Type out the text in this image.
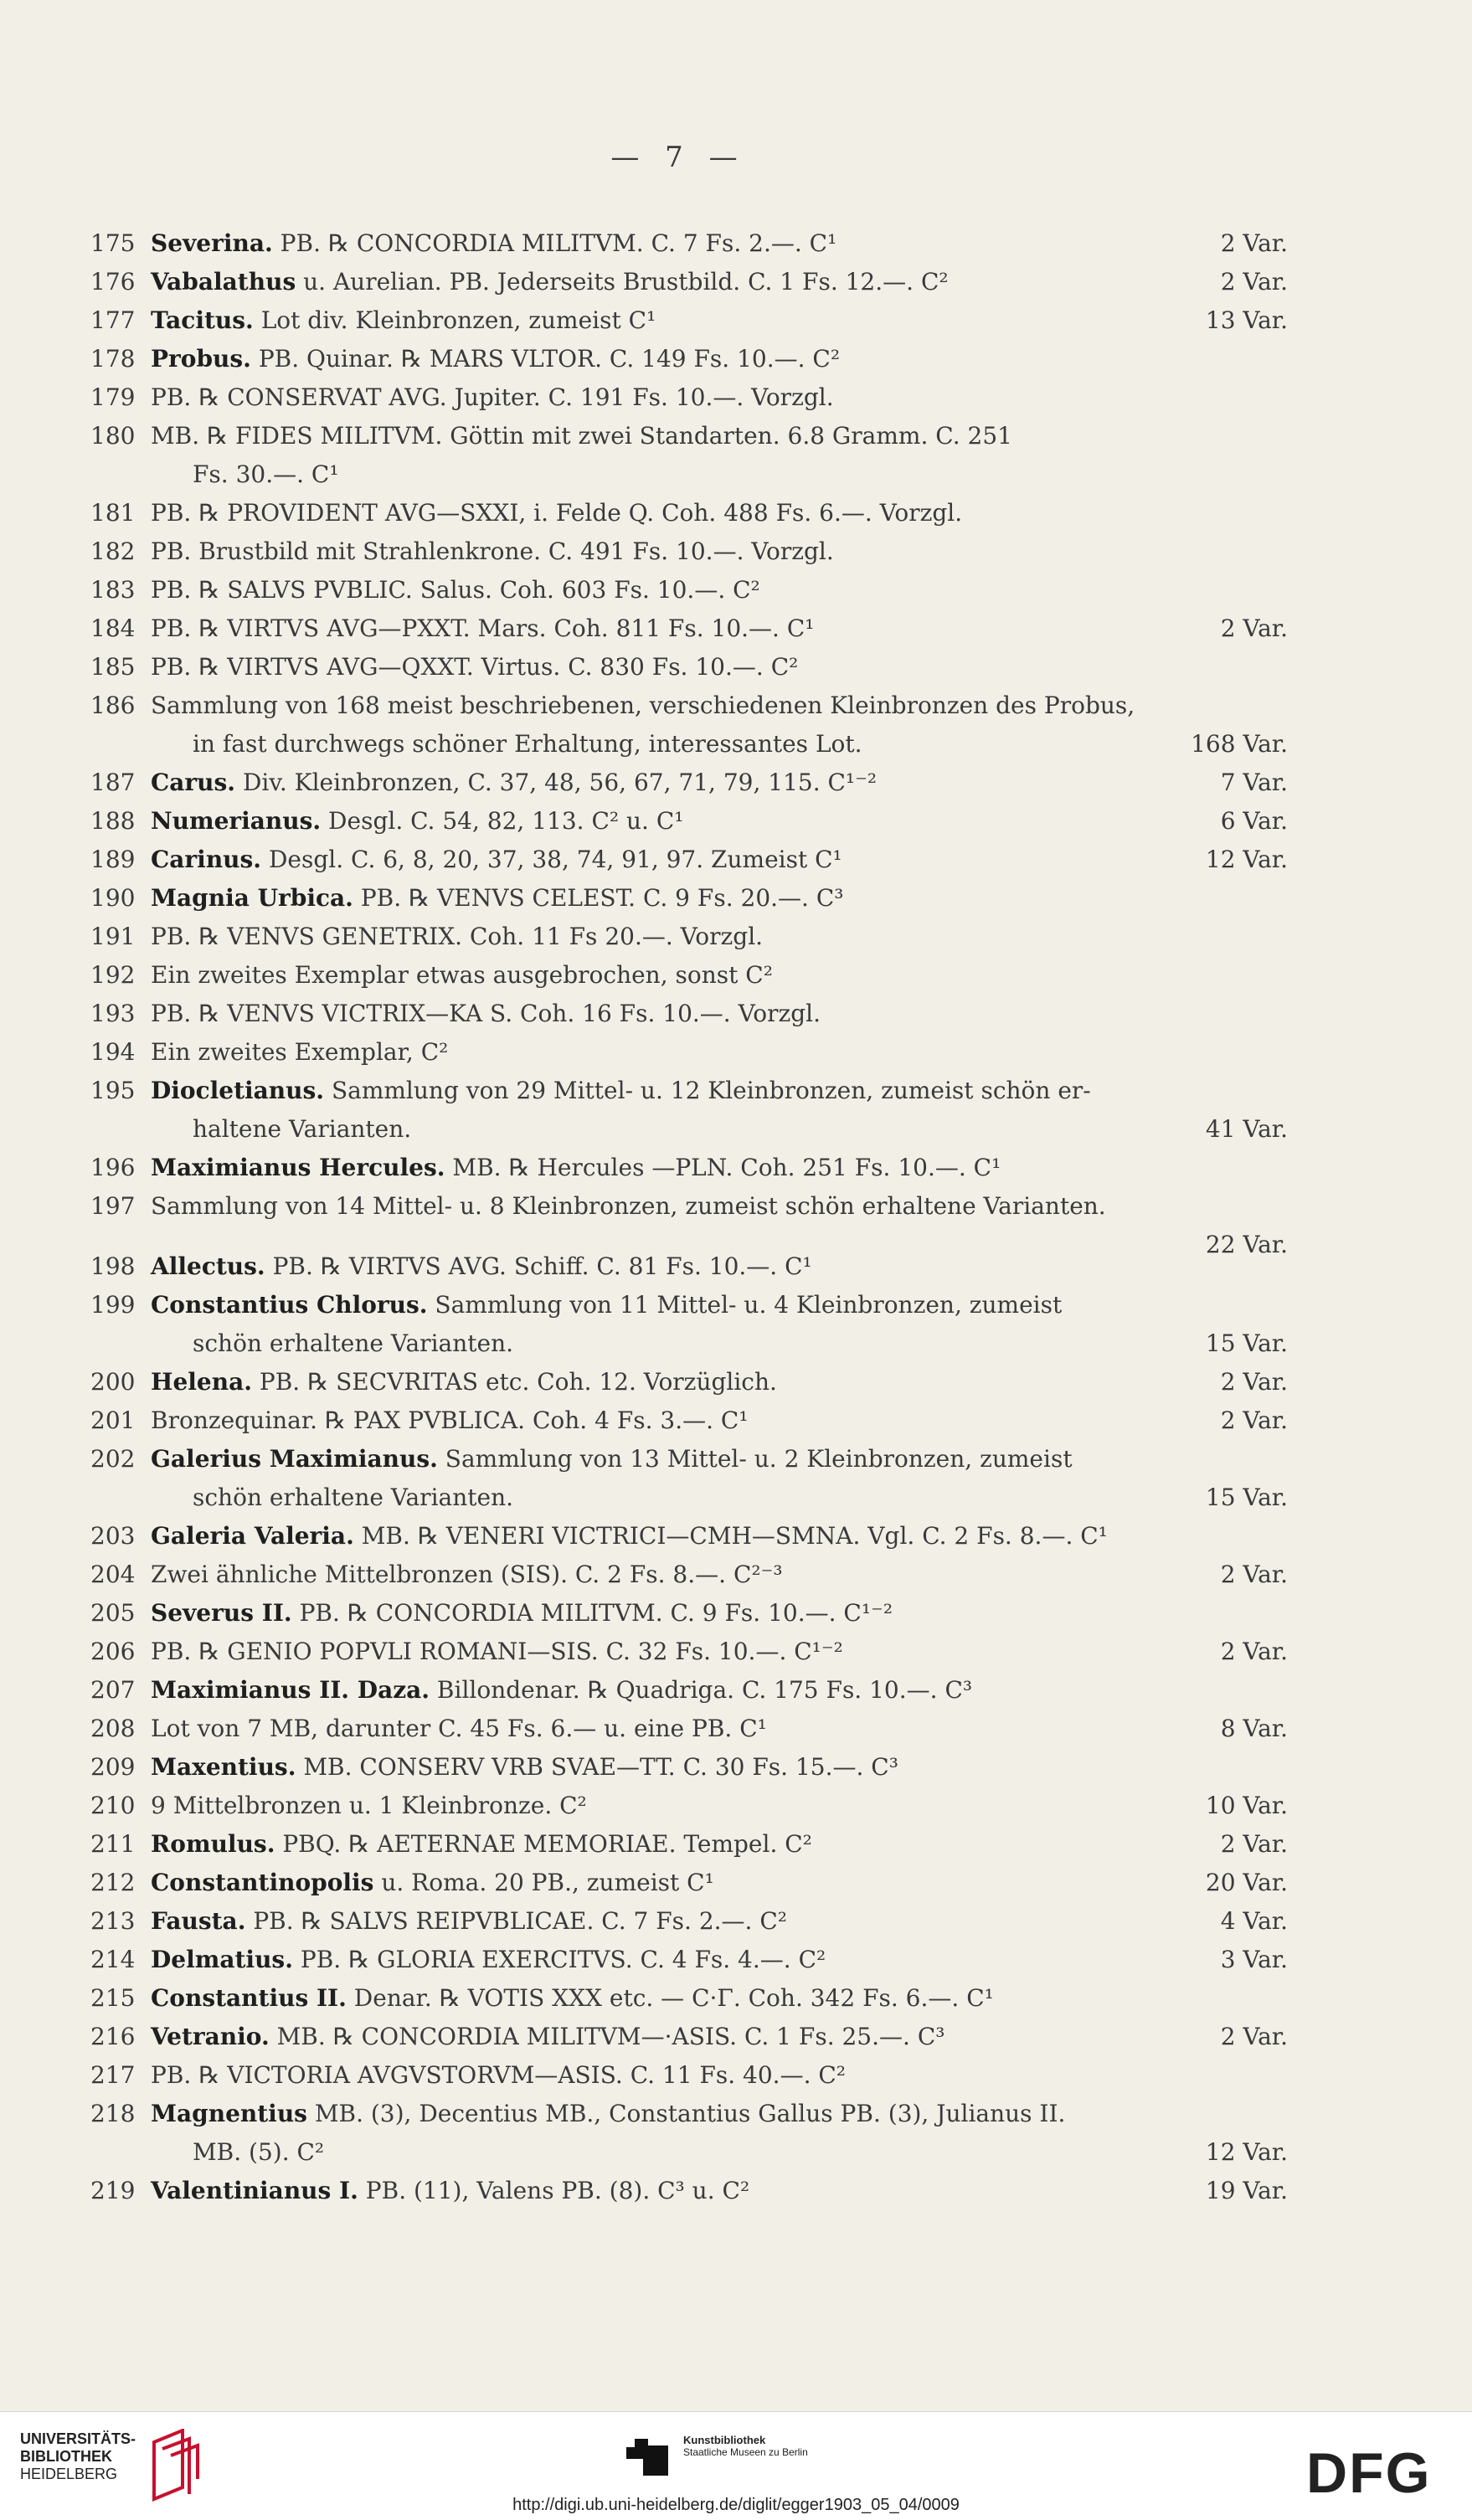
— 7 —
175 Severina. PB. ℞ CONCORDIA MILITVM. C. 7 Fs. 2.—. C¹	2 Var.
176 Vabalathus u. Aurelian. PB. Jederseits Brustbild. C. 1 Fs. 12.—. C²	2 Var.
177 Tacitus. Lot div. Kleinbronzen, zumeist C¹	13 Var.
178 Probus. PB. Quinar. ℞ MARS VLTOR. C. 149 Fs. 10.—. C²
179 PB. ℞ CONSERVAT AVG. Jupiter. C. 191 Fs. 10.—. Vorzgl.
180 MB. ℞ FIDES MILITVM. Göttin mit zwei Standarten. 6.8 Gramm. C. 251
Fs. 30.—. C¹
181 PB. ℞ PROVIDENT AVG—SXXI, i. Felde Q. Coh. 488 Fs. 6.—. Vorzgl.
182 PB. Brustbild mit Strahlenkrone. C. 491 Fs. 10.—. Vorzgl.
183 PB. ℞ SALVS PVBLIC. Salus. Coh. 603 Fs. 10.—. C²
184 PB. ℞ VIRTVS AVG—PXXT. Mars. Coh. 811 Fs. 10.—. C¹	2 Var.
185 PB. ℞ VIRTVS AVG—QXXT. Virtus. C. 830 Fs. 10.—. C²
186 Sammlung von 168 meist beschriebenen, verschiedenen Kleinbronzen des Probus,
in fast durchwegs schöner Erhaltung, interessantes Lot.	168 Var.
187 Carus. Div. Kleinbronzen, C. 37, 48, 56, 67, 71, 79, 115. C¹⁻²	7 Var.
188 Numerianus. Desgl. C. 54, 82, 113. C² u. C¹	6 Var.
189 Carinus. Desgl. C. 6, 8, 20, 37, 38, 74, 91, 97. Zumeist C¹	12 Var.
190 Magnia Urbica. PB. ℞ VENVS CELEST. C. 9 Fs. 20.—. C³
191 PB. ℞ VENVS GENETRIX. Coh. 11 Fs 20.—. Vorzgl.
192 Ein zweites Exemplar etwas ausgebrochen, sonst C²
193 PB. ℞ VENVS VICTRIX—KA S. Coh. 16 Fs. 10.—. Vorzgl.
194 Ein zweites Exemplar, C²
195 Diocletianus. Sammlung von 29 Mittel- u. 12 Kleinbronzen, zumeist schön er-
haltene Varianten.	41 Var.
196 Maximianus Hercules. MB. ℞ Hercules —PLN. Coh. 251 Fs. 10.—. C¹
197 Sammlung von 14 Mittel- u. 8 Kleinbronzen, zumeist schön erhaltene Varianten.
22 Var.
198 Allectus. PB. ℞ VIRTVS AVG. Schiff. C. 81 Fs. 10.—. C¹
199 Constantius Chlorus. Sammlung von 11 Mittel- u. 4 Kleinbronzen, zumeist
schön erhaltene Varianten.	15 Var.
200 Helena. PB. ℞ SECVRITAS etc. Coh. 12. Vorzüglich.	2 Var.
201 Bronzequinar. ℞ PAX PVBLICA. Coh. 4 Fs. 3.—. C¹	2 Var.
202 Galerius Maximianus. Sammlung von 13 Mittel- u. 2 Kleinbronzen, zumeist
schön erhaltene Varianten.	15 Var.
203 Galeria Valeria. MB. ℞ VENERI VICTRICI—CMH—SMNA. Vgl. C. 2 Fs. 8.—. C¹
204 Zwei ähnliche Mittelbronzen (SIS). C. 2 Fs. 8.—. C²⁻³	2 Var.
205 Severus II. PB. ℞ CONCORDIA MILITVM. C. 9 Fs. 10.—. C¹⁻²
206 PB. ℞ GENIO POPVLI ROMANI—SIS. C. 32 Fs. 10.—. C¹⁻²	2 Var.
207 Maximianus II. Daza. Billondenar. ℞ Quadriga. C. 175 Fs. 10.—. C³
208 Lot von 7 MB, darunter C. 45 Fs. 6.— u. eine PB. C¹	8 Var.
209 Maxentius. MB. CONSERV VRB SVAE—TT. C. 30 Fs. 15.—. C³
210 9 Mittelbronzen u. 1 Kleinbronze. C²	10 Var.
211 Romulus. PBQ. ℞ AETERNAE MEMORIAE. Tempel. C²	2 Var.
212 Constantinopolis u. Roma. 20 PB., zumeist C¹	20 Var.
213 Fausta. PB. ℞ SALVS REIPVBLICAE. C. 7 Fs. 2.—. C²	4 Var.
214 Delmatius. PB. ℞ GLORIA EXERCITVS. C. 4 Fs. 4.—. C²	3 Var.
215 Constantius II. Denar. ℞ VOTIS XXX etc. — C·Γ. Coh. 342 Fs. 6.—. C¹
216 Vetranio. MB. ℞ CONCORDIA MILITVM—·ASIS. C. 1 Fs. 25.—. C³	2 Var.
217 PB. ℞ VICTORIA AVGVSTORVM—ASIS. C. 11 Fs. 40.—. C²
218 Magnentius MB. (3), Decentius MB., Constantius Gallus PB. (3), Julianus II.
MB. (5). C²	12 Var.
219 Valentinianus I. PB. (11), Valens PB. (8). C³ u. C²	19 Var.
UNIVERSITÄTS-
BIBLIOTHEK
HEIDELBERG
Kunstbibliothek
Staatliche Museen zu Berlin	DFG
http://digi.ub.uni-heidelberg.de/diglit/egger1903_05_04/0009
